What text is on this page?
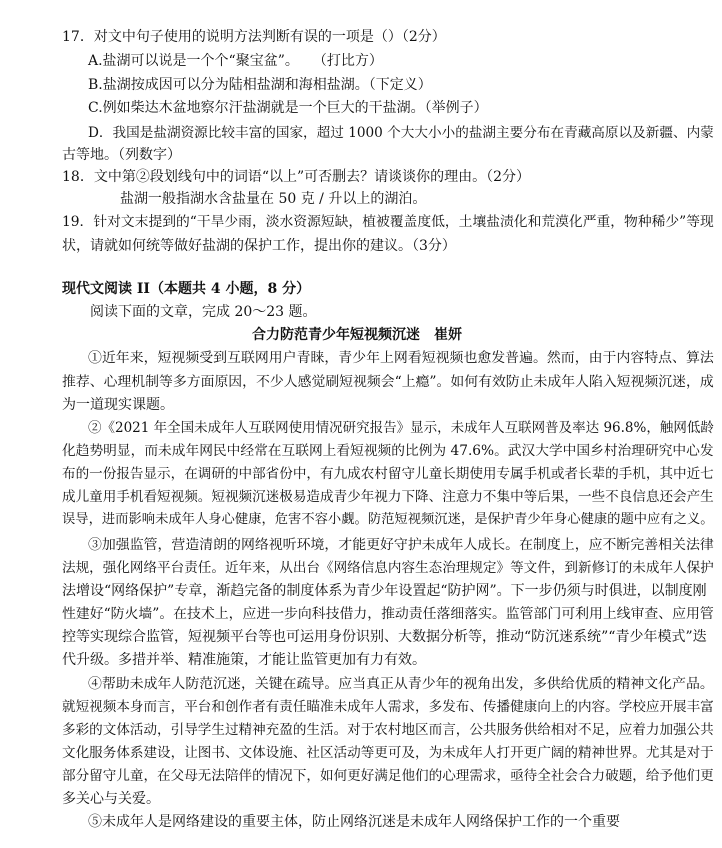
17．对文中句子使用的说明方法判断有误的一项是（）（2分）
A.盐湖可以说是一个个“聚宝盆”。　　（打比方）
B.盐湖按成因可以分为陆相盐湖和海相盐湖。（下定义）
C.例如柴达木盆地察尔汗盐湖就是一个巨大的干盐湖。（举例子）
D．我国是盐湖资源比较丰富的国家，超过 1000 个大大小小的盐湖主要分布在青藏高原以及新疆、内蒙
古等地。（列数字）
18．文中第②段划线句中的词语“以上”可否删去？请谈谈你的理由。（2分）
盐湖一般指湖水含盐量在 50 克 / 升以上的湖泊。
19．针对文末提到的“干旱少雨，淡水资源短缺，植被覆盖度低，土壤盐渍化和荒漠化严重，物种稀少”等现
状，请就如何统等做好盐湖的保护工作，提出你的建议。（3分）
现代文阅读 II（本题共 4 小题，8 分）
阅读下面的文章，完成 20～23 题。
合力防范青少年短视频沉迷　崔妍
①近年来，短视频受到互联网用户青睐，青少年上网看短视频也愈发普遍。然而，由于内容特点、算法
推荐、心理机制等多方面原因，不少人感觉刷短视频会“上瘾”。如何有效防止未成年人陷入短视频沉迷，成
为一道现实课题。
②《2021 年全国未成年人互联网使用情况研究报告》显示，未成年人互联网普及率达 96.8%，触网低龄
化趋势明显，而未成年网民中经常在互联网上看短视频的比例为 47.6%。武汉大学中国乡村治理研究中心发
布的一份报告显示，在调研的中部省份中，有九成农村留守儿童长期使用专属手机或者长辈的手机，其中近七
成儿童用手机看短视频。短视频沉迷极易造成青少年视力下降、注意力不集中等后果，一些不良信息还会产生
误导，进而影响未成年人身心健康，危害不容小觑。防范短视频沉迷，是保护青少年身心健康的题中应有之义。
③加强监管，营造清朗的网络视听环境，才能更好守护未成年人成长。在制度上，应不断完善相关法律
法规，强化网络平台责任。近年来，从出台《网络信息内容生态治理规定》等文件，到新修订的未成年人保护
法增设“网络保护”专章，渐趋完备的制度体系为青少年设置起“防护网”。下一步仍须与时俱进，以制度刚
性建好“防火墙”。在技术上，应进一步向科技借力，推动责任落细落实。监管部门可利用上线审查、应用管
控等实现综合监管，短视频平台等也可运用身份识别、大数据分析等，推动“防沉迷系统”“青少年模式”迭
代升级。多措并举、精准施策，才能让监管更加有力有效。
④帮助未成年人防范沉迷，关键在疏导。应当真正从青少年的视角出发，多供给优质的精神文化产品。
就短视频本身而言，平台和创作者有责任瞄准未成年人需求，多发布、传播健康向上的内容。学校应开展丰富
多彩的文体活动，引导学生过精神充盈的生活。对于农村地区而言，公共服务供给相对不足，应着力加强公共
文化服务体系建设，让图书、文体设施、社区活动等更可及，为未成年人打开更广阔的精神世界。尤其是对于
部分留守儿童，在父母无法陪伴的情况下，如何更好满足他们的心理需求，亟待全社会合力破题，给予他们更
多关心与关爱。
⑤未成年人是网络建设的重要主体，防止网络沉迷是未成年人网络保护工作的一个重要
